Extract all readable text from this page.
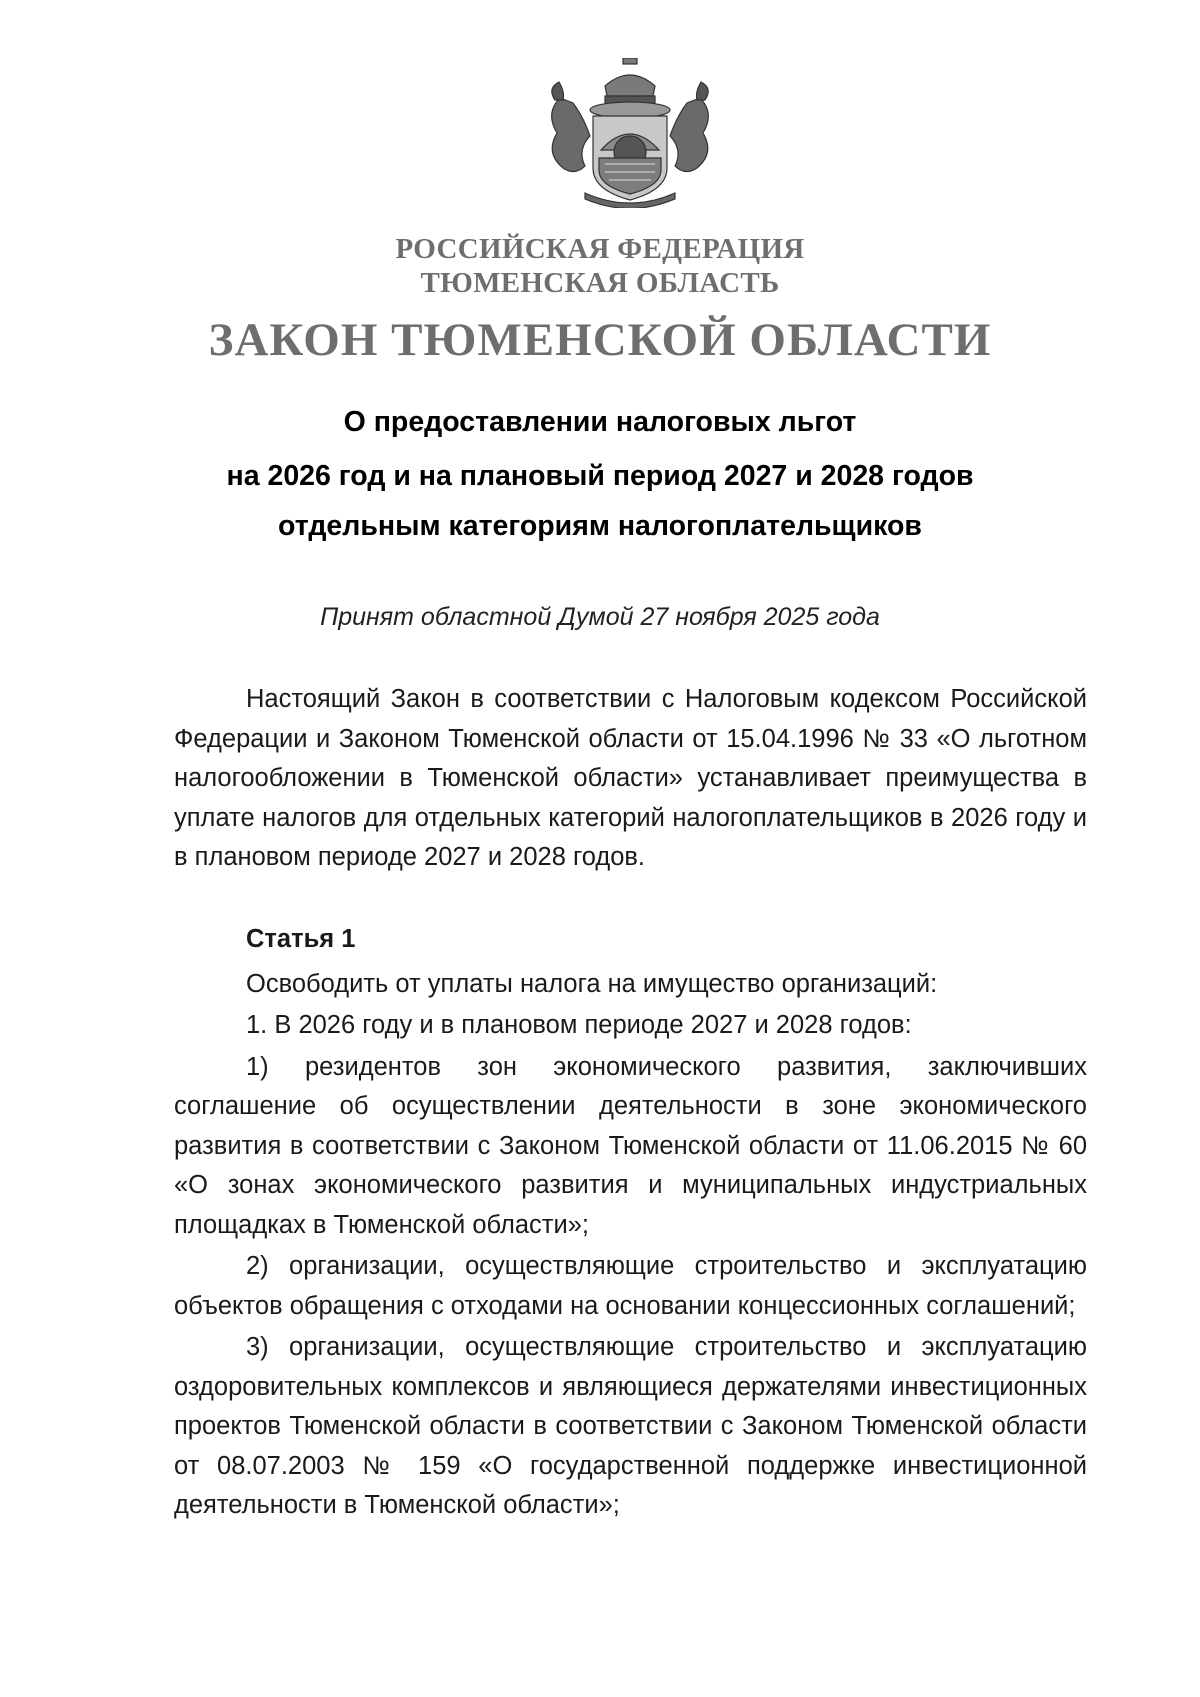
РОССИЙСКАЯ ФЕДЕРАЦИЯ
ТЮМЕНСКАЯ ОБЛАСТЬ
ЗАКОН ТЮМЕНСКОЙ ОБЛАСТИ
О предоставлении налоговых льгот
на 2026 год и на плановый период 2027 и 2028 годов
отдельным категориям налогоплательщиков
Принят областной Думой 27 ноября 2025 года

Настоящий Закон в соответствии с Налоговым кодексом Российской Федерации и Законом Тюменской области от 15.04.1996 № 33 «О льготном налогообложении в Тюменской области» устанавливает преимущества в уплате налогов для отдельных категорий налогоплательщиков в 2026 году и в плановом периоде 2027 и 2028 годов.

Статья 1

Освободить от уплаты налога на имущество организаций:

1. В 2026 году и в плановом периоде 2027 и 2028 годов:

1) резидентов зон экономического развития, заключивших соглашение об осуществлении деятельности в зоне экономического развития в соответствии с Законом Тюменской области от 11.06.2015 № 60 «О зонах экономического развития и муниципальных индустриальных площадках в Тюменской области»;

2) организации, осуществляющие строительство и эксплуатацию объектов обращения с отходами на основании концессионных соглашений;

3) организации, осуществляющие строительство и эксплуатацию оздоровительных комплексов и являющиеся держателями инвестиционных проектов Тюменской области в соответствии с Законом Тюменской области от 08.07.2003 № 159 «О государственной поддержке инвестиционной деятельности в Тюменской области»;
